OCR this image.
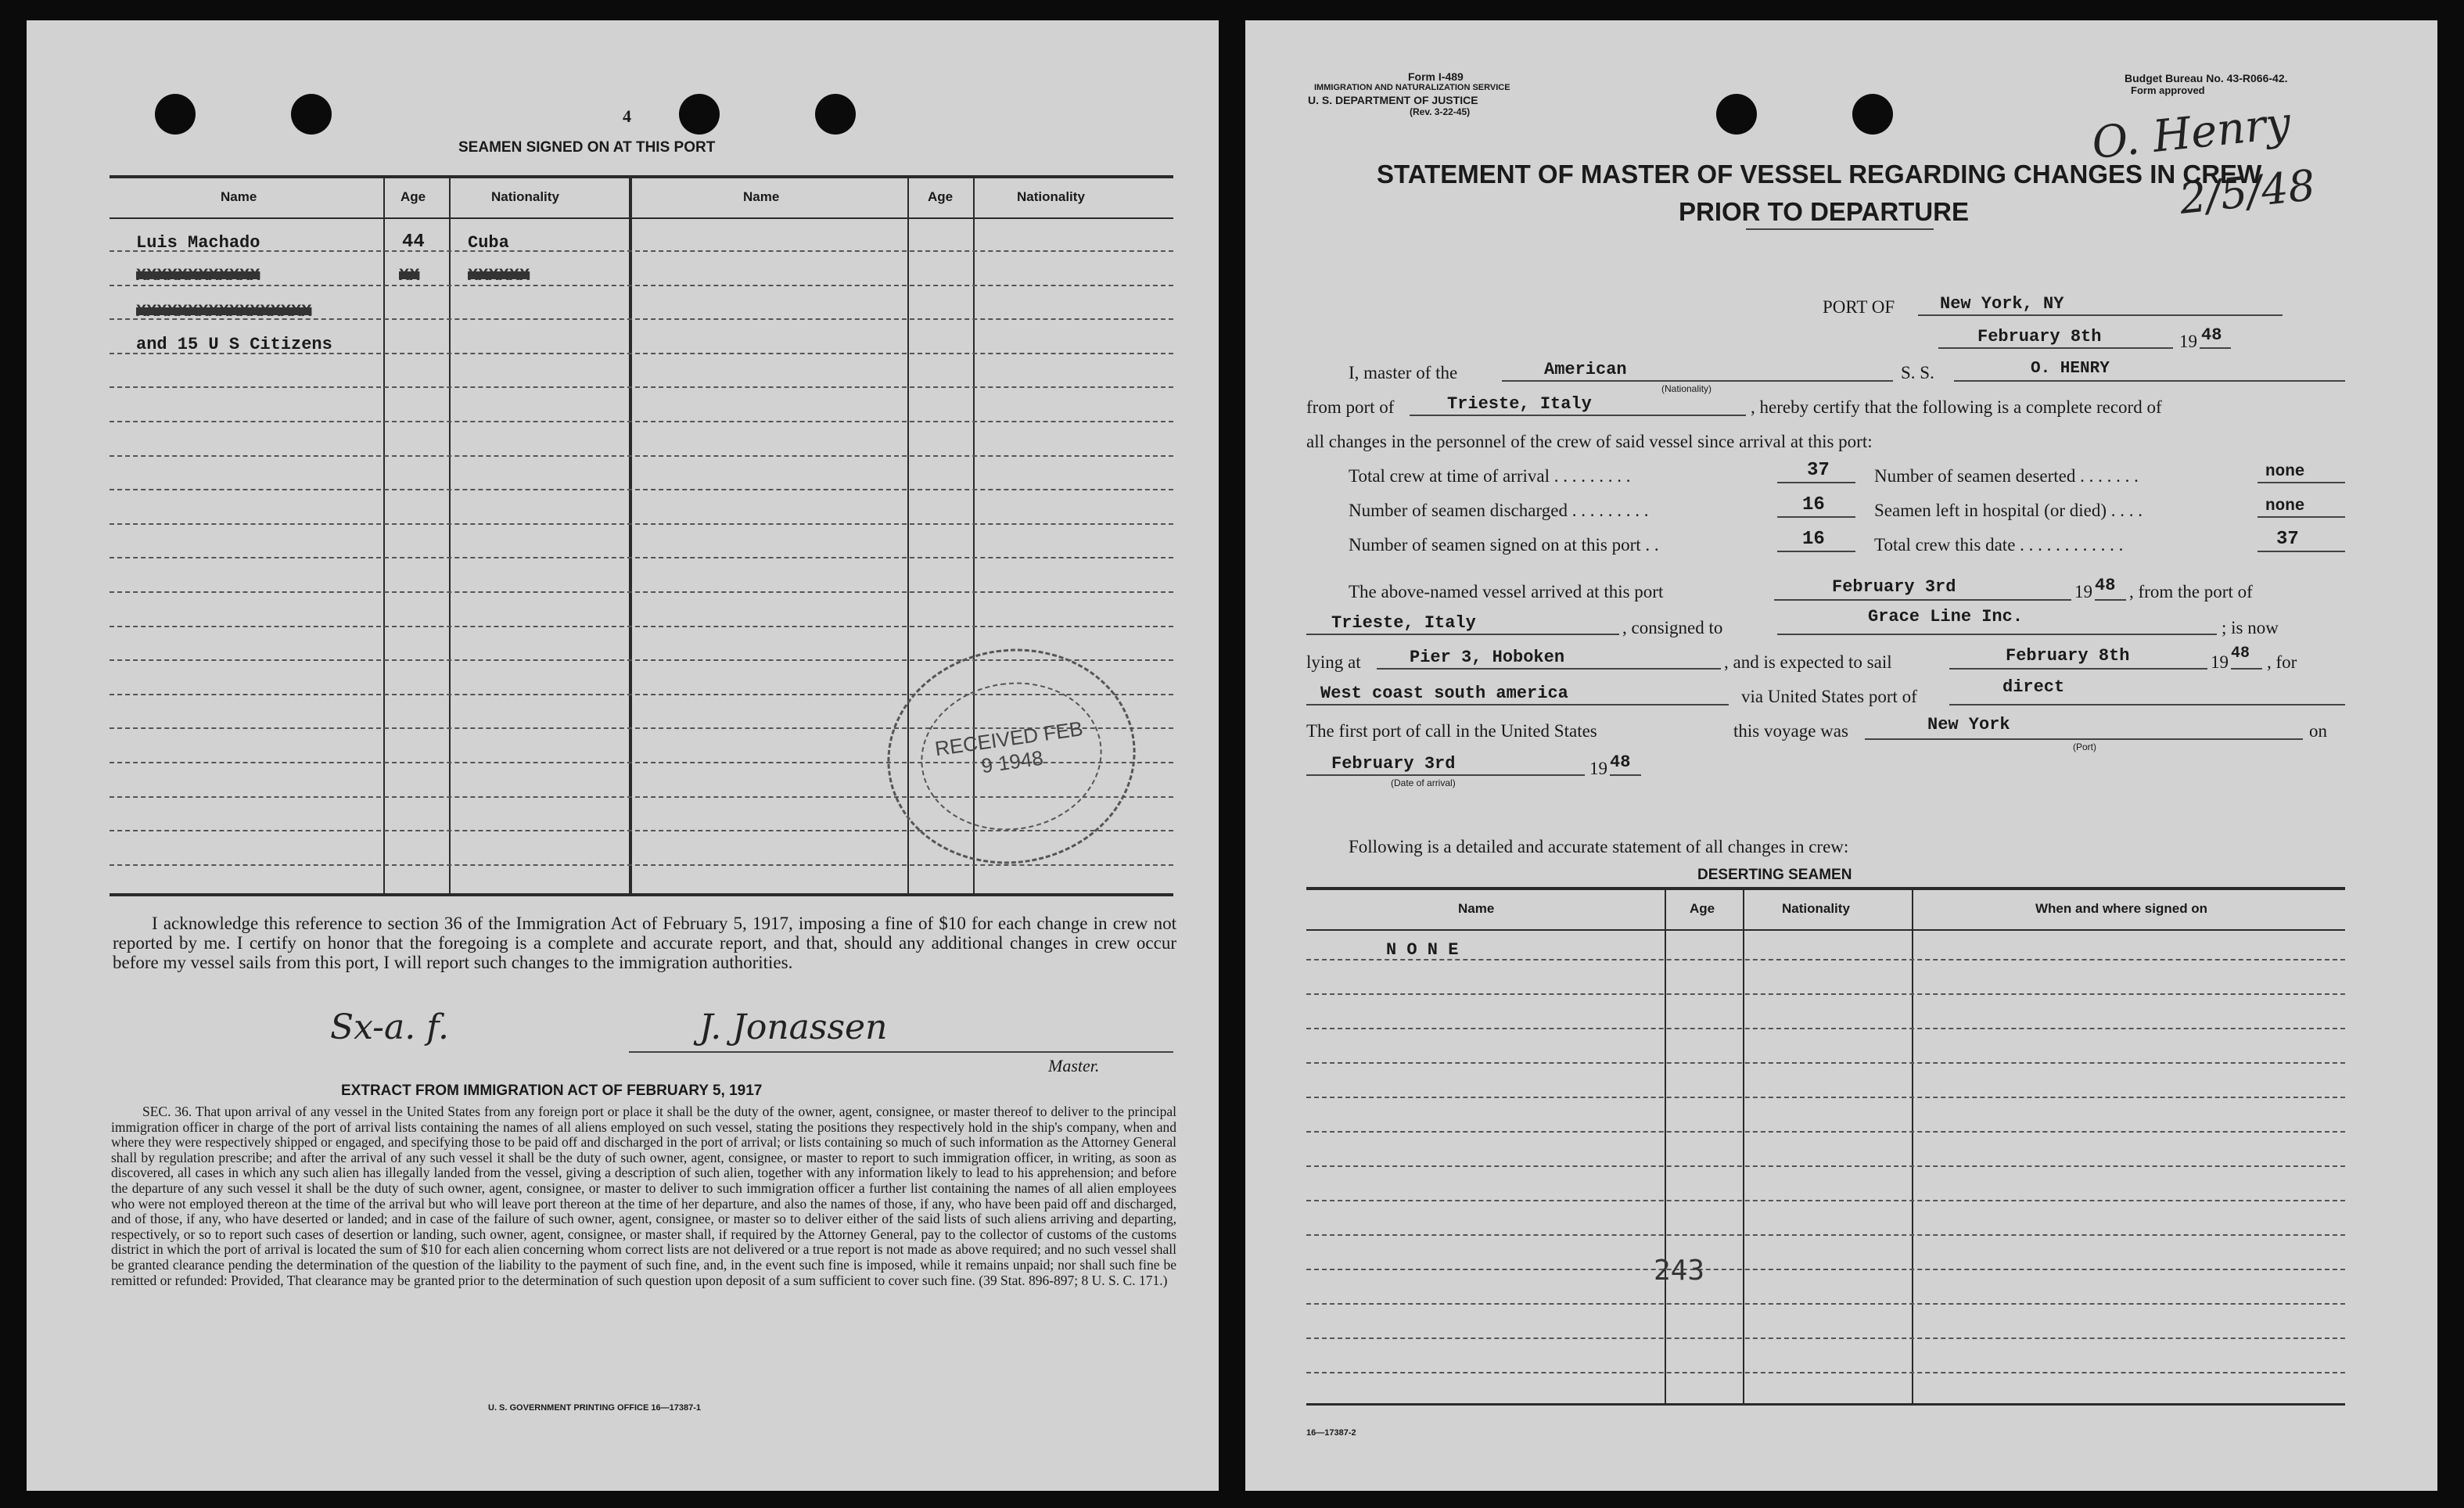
4
SEAMEN SIGNED ON AT THIS PORT
Name	Age	Nationality	Name	Age	Nationality
Luis Machado	44	Cuba
XXXXXXXXXXXX	XX	XXXXXX
XXXXXXXXXXXXXXXXX
and 15 U S Citizens
RECEIVED FEB 9 1948
I acknowledge this reference to section 36 of the Immigration Act of February 5, 1917, imposing a fine of $10 for each change in crew not reported by me. I certify on honor that the foregoing is a complete and accurate report, and that, should any additional changes in crew occur before my vessel sails from this port, I will report such changes to the immigration authorities.
Sx-a. f.	J. Jonassen
Master.
EXTRACT FROM IMMIGRATION ACT OF FEBRUARY 5, 1917
SEC. 36. That upon arrival of any vessel in the United States from any foreign port or place it shall be the duty of the owner, agent, consignee, or master thereof to deliver to the principal immigration officer in charge of the port of arrival lists containing the names of all aliens employed on such vessel, stating the positions they respectively hold in the ship's company, when and where they were respectively shipped or engaged, and specifying those to be paid off and discharged in the port of arrival; or lists containing so much of such information as the Attorney General shall by regulation prescribe; and after the arrival of any such vessel it shall be the duty of such owner, agent, consignee, or master to report to such immigration officer, in writing, as soon as discovered, all cases in which any such alien has illegally landed from the vessel, giving a description of such alien, together with any information likely to lead to his apprehension; and before the departure of any such vessel it shall be the duty of such owner, agent, consignee, or master to deliver to such immigration officer a further list containing the names of all alien employees who were not employed thereon at the time of the arrival but who will leave port thereon at the time of her departure, and also the names of those, if any, who have been paid off and discharged, and of those, if any, who have deserted or landed; and in case of the failure of such owner, agent, consignee, or master so to deliver either of the said lists of such aliens arriving and departing, respectively, or so to report such cases of desertion or landing, such owner, agent, consignee, or master shall, if required by the Attorney General, pay to the collector of customs of the customs district in which the port of arrival is located the sum of $10 for each alien concerning whom correct lists are not delivered or a true report is not made as above required; and no such vessel shall be granted clearance pending the determination of the question of the liability to the payment of such fine, and, in the event such fine is imposed, while it remains unpaid; nor shall such fine be remitted or refunded: Provided, That clearance may be granted prior to the determination of such question upon deposit of a sum sufficient to cover such fine. (39 Stat. 896-897; 8 U. S. C. 171.)
U. S. GOVERNMENT PRINTING OFFICE 16—17387-1
Form I-489
IMMIGRATION AND NATURALIZATION SERVICE
U. S. DEPARTMENT OF JUSTICE
(Rev. 3-22-45)
Budget Bureau No. 43-R066-42.
Form approved
O. Henry
2/5/48
STATEMENT OF MASTER OF VESSEL REGARDING CHANGES IN CREW
PRIOR TO DEPARTURE
PORT OF	New York, NY
February 8th	19 48
I, master of the	American
(Nationality)
S. S.	O. HENRY
from port of	Trieste, Italy	, hereby certify that the following is a complete record of
all changes in the personnel of the crew of said vessel since arrival at this port:
Total crew at time of arrival . . . . . . . . .	37 Number of seamen deserted . . . . . . .	none
Number of seamen discharged . . . . . . . . .	16	Seamen left in hospital (or died) . . . .	none
Number of seamen signed on at this port . .	16	Total crew this date . . . . . . . . . . . .	37
The above-named vessel arrived at this port	February 3rd	19 48 , from the port of
Trieste, Italy	, consigned to
Grace Line Inc.
; is now
lying at	Pier 3, Hoboken	, and is expected to sail	February 8th	19 48 , for
West coast south america	via United States port of	direct
The first port of call in the United States	this voyage was	New York
(Port)
on
February 3rd
(Date of arrival)
19 48
Following is a detailed and accurate statement of all changes in crew:
DESERTING SEAMEN
Name	Age	Nationality	When and where signed on
N O N E
243
16—17387-2
